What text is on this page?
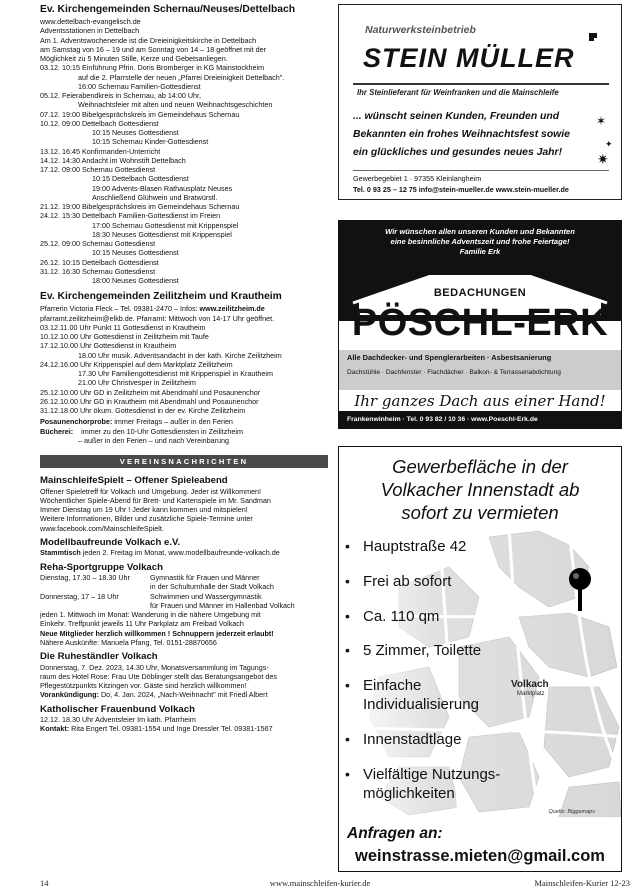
Ev. Kirchengemeinden Schernau/Neuses/Dettelbach
www.dettelbach-evangelisch.de
Adventsstationen in Dettelbach
Am 1. Adventswochenende ist die Dreieinigkeitskirche in Dettelbach
am Samstag von 16 – 19 und am Sonntag von 14 – 18 geöffnet mit der
Möglichkeit zu 5 Minuten Stille, Kerze und Gebetsanliegen.
03.12. 10:15 Einführung Pfrin. Doris Bromberger in KG Mainstockheim
auf die 2. Pfarrstelle der neuen „Pfarrei Dreieinigkeit Dettelbach".
16:00 Schernau Familien-Gottesdienst
05.12. Feierabendkreis in Schernau, ab 14:00 Uhr,
Weihnachtsfeier mit alten und neuen Weihnachtsgeschichten
07.12. 19:00 Bibelgesprächskreis im Gemeindehaus Schernau
10.12. 09:00 Dettelbach Gottesdienst
10:15 Neuses Gottesdienst
10:15 Schernau Kinder-Gottesdienst
13.12. 16:45 Konfirmanden-Unterricht
14.12. 14:30 Andacht im Wohnstift Dettelbach
17.12. 09:00 Schernau Gottesdienst
10:15 Dettelbach Gottesdienst
19:00 Advents-Blasen Rathausplatz Neuses
Anschließend Glühwein und Bratwürstl.
21.12. 19:00 Bibelgesprächskreis im Gemeindehaus Schernau
24.12. 15:30 Dettelbach Familien-Gottesdienst im Freien
17:00 Schernau Gottesdienst mit Krippenspiel
18:30 Neuses Gottesdienst mit Krippenspiel
25.12. 09:00 Schernau Gottesdienst
10:15 Neuses Gottesdienst
26.12. 10:15 Dettelbach Gottesdienst
31.12. 16:30 Schernau Gottesdienst
18:00 Neuses Gottesdienst
Ev. Kirchengemeinden Zeilitzheim und Krautheim
Pfarrerin Victoria Fleck – Tel. 09381-2470 – Infos: www.zeilitzheim.de
pfarramt.zeilitzheim@elkb.de. Pfarramt: Mittwoch von 14-17 Uhr geöffnet.
03.12.11.00 Uhr Punkt 11 Gottesdienst in Krautheim
10.12.10.00 Uhr Gottesdienst in Zeilitzheim mit Taufe
17.12.10.00 Uhr Gottesdienst in Krautheim
18.00 Uhr musik. Adventsandacht in der kath. Kirche Zeilitzheim
24.12.16.00 Uhr Krippenspiel auf dem Marktplatz Zeilitzheim
17.30 Uhr Familiengottesdienst mit Krippenspiel in Krautheim
21.00 Uhr Christvesper in Zeilitzheim
25.12.10.00 Uhr GD in Zeilitzheim mit Abendmahl und Posaunenchor
26.12.10.00 Uhr GD in Krautheim mit Abendmahl und Posaunenchor
31.12.18.00 Uhr ökum. Gottesdienst in der ev. Kirche Zeilitzheim
Posaunenchorprobe: immer Freitags – außer in den Ferien
Bücherei:    immer zu den 10-Uhr Gottesdiensten in Zeilitzheim
– außer in den Ferien – und nach Vereinbarung
VEREINSNACHRICHTEN
MainschleifeSpielt – Offener Spieleabend
Offener Spieletreff für Volkach und Umgebung. Jeder ist Willkommen!
Wöchentlicher Spiele-Abend für Brett- und Kartenspiele im Mr. Sandman
Immer Dienstag um 19 Uhr ! Jeder kann kommen und mitspielen!
Weitere Informationen, Bilder und zusätzliche Spiele-Termine unter
www.facebook.com/MainschleifeSpielt.
Modellbaufreunde Volkach e.V.
Stammtisch jeden 2. Freitag im Monat, www.modellbaufreunde-volkach.de
Reha-Sportgruppe Volkach
Dienstag, 17.30 – 18.30 Uhr	Gymnastik für Frauen und Männer
in der Schulturnhalle der Stadt Volkach
Donnerstag, 17 – 18 Uhr	Schwimmen und Wassergymnastik
für Frauen und Männer im Hallenbad Volkach
jeden 1. Mittwoch im Monat: Wanderung in die nähere Umgebung mit
Einkehr. Treffpunkt jeweils 11 Uhr Parkplatz am Freibad Volkach
Neue Mitglieder herzlich willkommen ! Schnuppern jederzeit erlaubt!
Nähere Auskünfte: Manuela Pfang, Tel. 0151-28870656
Die Ruheständler Volkach
Donnerstag, 7. Dez. 2023, 14.30 Uhr, Monatsversammlung im Tagungs-
raum des Hotel Rose: Frau Ute Döblinger stellt das Beratungsangebot des
Pflegestützpunkts Kitzingen vor. Gäste sind herzlich willkommen!
Vorankündigung: Do, 4. Jan. 2024, „Nach-Weihnacht" mit Friedl Albert
Katholischer Frauenbund Volkach
12.12. 18.30 Uhr Adventsfeier Im kath. Pfarrheim
Kontakt: Rita Engert Tel. 09381-1554 und Inge Dressler Tel. 09381-1567
Naturwerksteinbetrieb
STEIN MÜLLER
Ihr Steinlieferant für Weinfranken und die Mainschleife
... wünscht seinen Kunden, Freunden und
Bekannten ein frohes Weihnachtsfest sowie
ein glückliches und gesundes neues Jahr!
✶
✦
✷
Gewerbegebiet 1 · 97355 Kleinlangheim
Tel. 0 93 25 – 12 75 info@stein-mueller.de www.stein-mueller.de
Wir wünschen allen unseren Kunden und Bekannten
eine besinnliche Adventszeit und frohe Feiertage!
Familie Erk
BEDACHUNGEN
PÖSCHL-ERK
Alle Dachdecker- und Spenglerarbeiten · Asbestsanierung
Dachstühle · Dachfenster · Flachdächer · Balkon- & Terrassenabdichtung
Ihr ganzes Dach aus einer Hand!
Frankenwinheim · Tel. 0 93 82 / 10 36 · www.Poeschl-Erk.de
Gewerbefläche in der
Volkacher Innenstadt ab
sofort zu vermieten
Volkach
Marktplatz
• Hauptstraße 42
• Frei ab sofort
• Ca. 110 qm
• 5 Zimmer, Toilette
• Einfache Individualisierung
• Innenstadtlage
• Vielfältige Nutzungs- möglichkeiten
Quelle: Biggemaps
Anfragen an:
weinstrasse.mieten@gmail.com
14	www.mainschleifen-kurier.de	Mainschleifen-Kurier 12-23
